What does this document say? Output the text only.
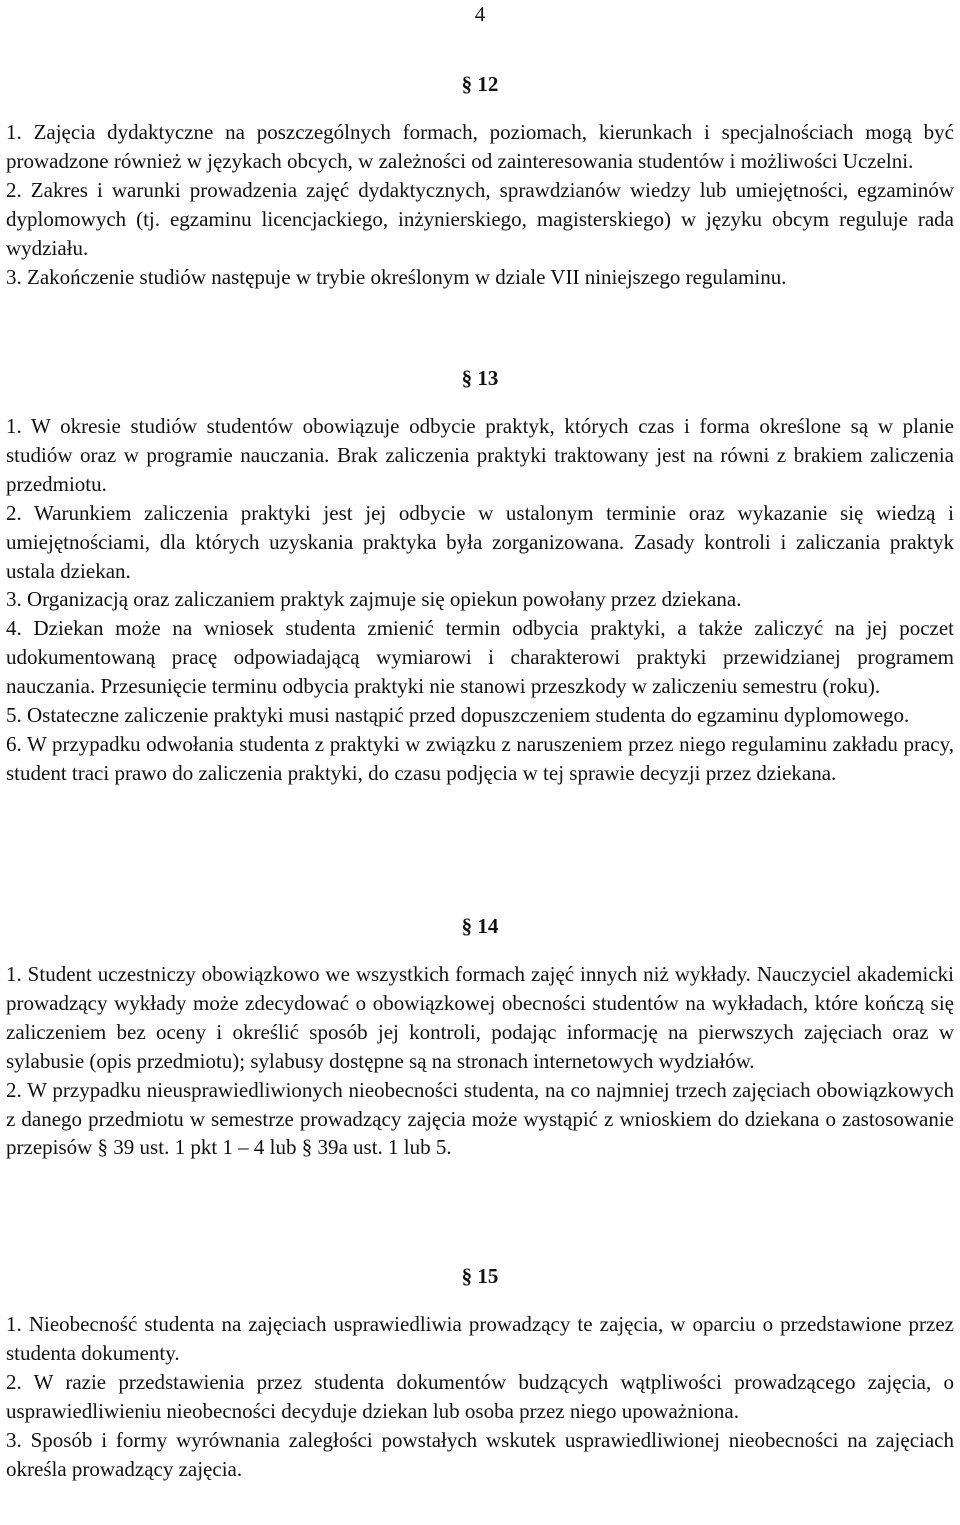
4
§ 12

1. Zajęcia dydaktyczne na poszczególnych formach, poziomach, kierunkach i specjalnościach mogą być prowadzone również w językach obcych, w zależności od zainteresowania studentów i możliwości Uczelni.

2. Zakres i warunki prowadzenia zajęć dydaktycznych, sprawdzianów wiedzy lub umiejętności, egzaminów dyplomowych (tj. egzaminu licencjackiego, inżynierskiego, magisterskiego) w języku obcym reguluje rada wydziału.

3. Zakończenie studiów następuje w trybie określonym w dziale VII niniejszego regulaminu.

§ 13

1. W okresie studiów studentów obowiązuje odbycie praktyk, których czas i forma określone są w planie studiów oraz w programie nauczania. Brak zaliczenia praktyki traktowany jest na równi z brakiem zaliczenia przedmiotu.

2. Warunkiem zaliczenia praktyki jest jej odbycie w ustalonym terminie oraz wykazanie się wiedzą i umiejętnościami, dla których uzyskania praktyka była zorganizowana. Zasady kontroli i zaliczania praktyk ustala dziekan.

3. Organizacją oraz zaliczaniem praktyk zajmuje się opiekun powołany przez dziekana.

4. Dziekan może na wniosek studenta zmienić termin odbycia praktyki, a także zaliczyć na jej poczet udokumentowaną pracę odpowiadającą wymiarowi i charakterowi praktyki przewidzianej programem nauczania. Przesunięcie terminu odbycia praktyki nie stanowi przeszkody w zaliczeniu semestru (roku).

5. Ostateczne zaliczenie praktyki musi nastąpić przed dopuszczeniem studenta do egzaminu dyplomowego.

6. W przypadku odwołania studenta z praktyki w związku z naruszeniem przez niego regulaminu zakładu pracy, student traci prawo do zaliczenia praktyki, do czasu podjęcia w tej sprawie decyzji przez dziekana.

§ 14

1. Student uczestniczy obowiązkowo we wszystkich formach zajęć innych niż wykłady. Nauczyciel akademicki prowadzący wykłady może zdecydować o obowiązkowej obecności studentów na wykładach, które kończą się zaliczeniem bez oceny i określić sposób jej kontroli, podając informację na pierwszych zajęciach oraz w sylabusie (opis przedmiotu); sylabusy dostępne są na stronach internetowych wydziałów.

2. W przypadku nieusprawiedliwionych nieobecności studenta, na co najmniej trzech zajęciach obowiązkowych z danego przedmiotu w semestrze prowadzący zajęcia może wystąpić z wnioskiem do dziekana o zastosowanie przepisów § 39 ust. 1 pkt 1 – 4 lub § 39a ust. 1 lub 5.

§ 15

1. Nieobecność studenta na zajęciach usprawiedliwia prowadzący te zajęcia, w oparciu o przedstawione przez studenta dokumenty.

2. W razie przedstawienia przez studenta dokumentów budzących wątpliwości prowadzącego zajęcia, o usprawiedliwieniu nieobecności decyduje dziekan lub osoba przez niego upoważniona.

3. Sposób i formy wyrównania zaległości powstałych wskutek usprawiedliwionej nieobecności na zajęciach określa prowadzący zajęcia.
